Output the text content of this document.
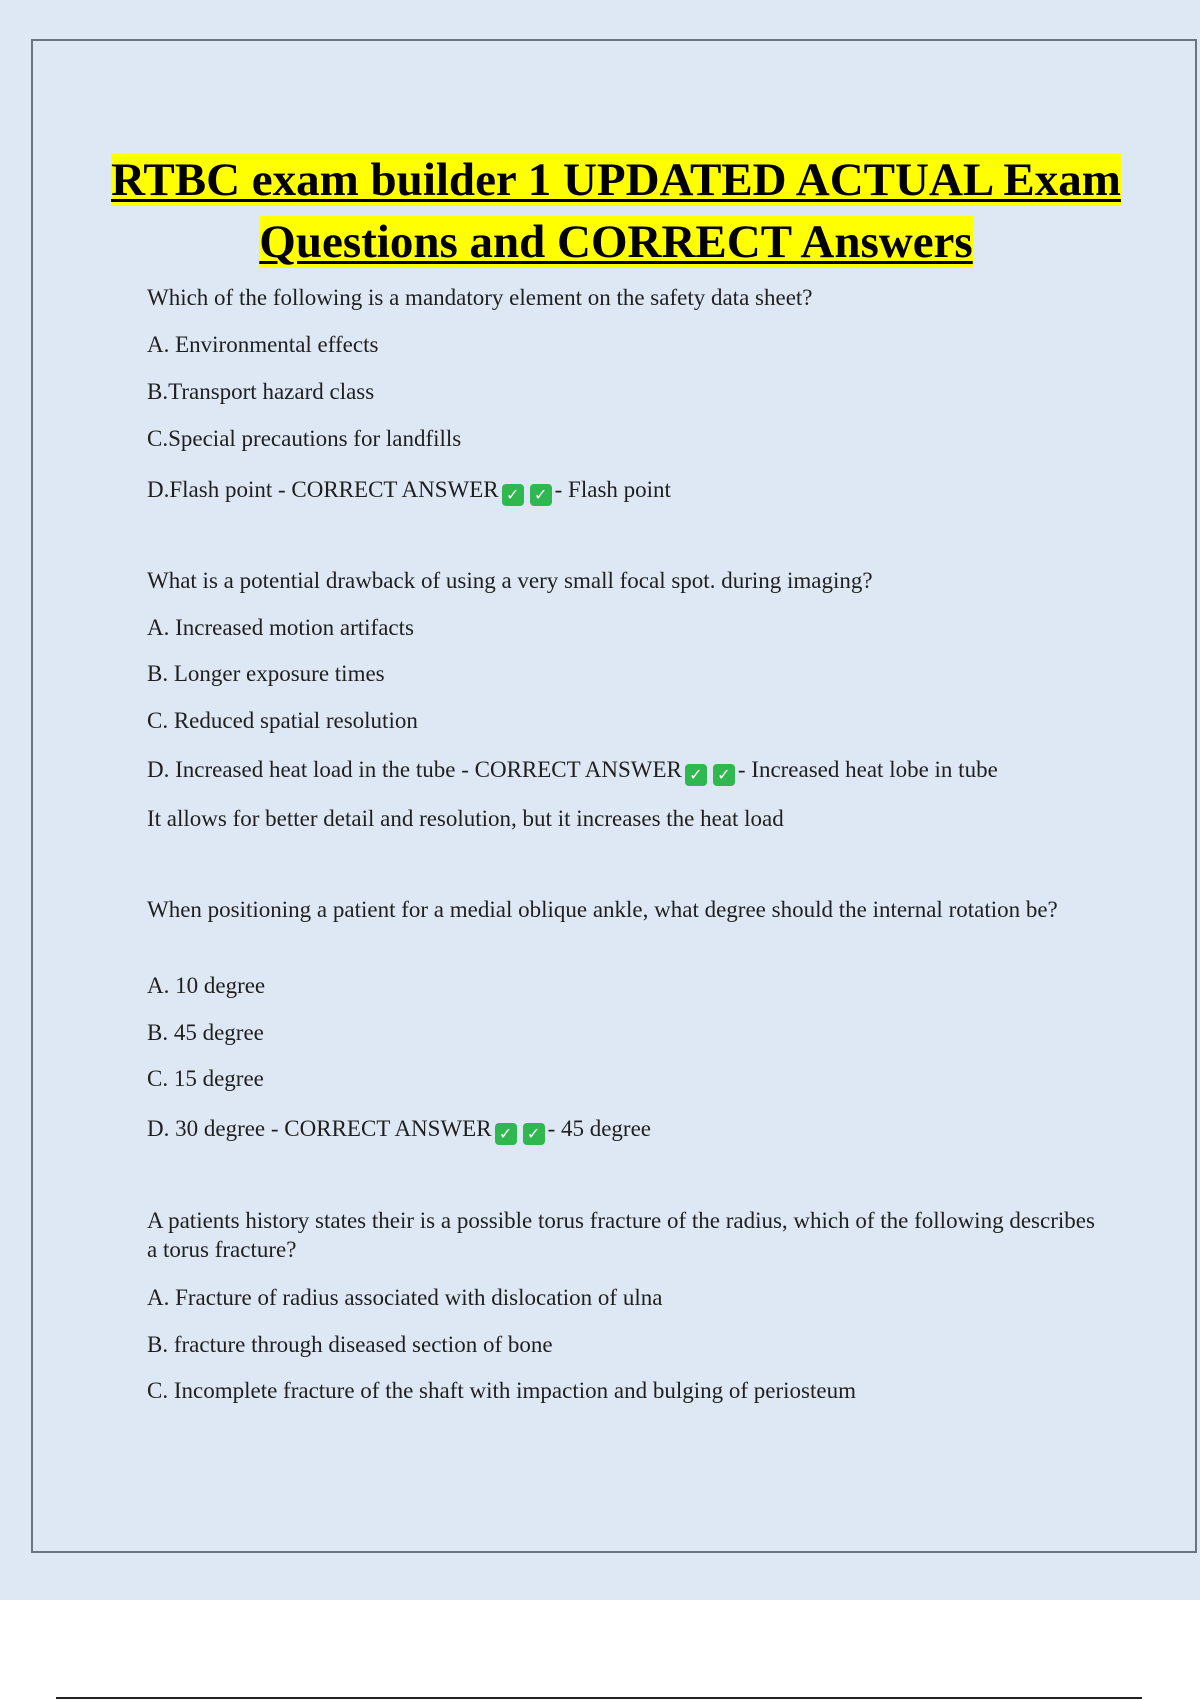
RTBC exam builder 1 UPDATED ACTUAL Exam Questions and CORRECT Answers
Which of the following is a mandatory element on the safety data sheet?
A. Environmental effects
B.Transport hazard class
C.Special precautions for landfills
D.Flash point - CORRECT ANSWER ✓ ✓ - Flash point
What is a potential drawback of using a very small focal spot. during imaging?
A. Increased motion artifacts
B. Longer exposure times
C. Reduced spatial resolution
D. Increased heat load in the tube - CORRECT ANSWER ✓ ✓ - Increased heat lobe in tube
It allows for better detail and resolution, but it increases the heat load
When positioning a patient for a medial oblique ankle, what degree should the internal rotation be?
A. 10 degree
B. 45 degree
C. 15 degree
D. 30 degree - CORRECT ANSWER ✓ ✓ - 45 degree
A patients history states their is a possible torus fracture of the radius, which of the following describes a torus fracture?
A. Fracture of radius associated with dislocation of ulna
B. fracture through diseased section of bone
C. Incomplete fracture of the shaft with impaction and bulging of periosteum
